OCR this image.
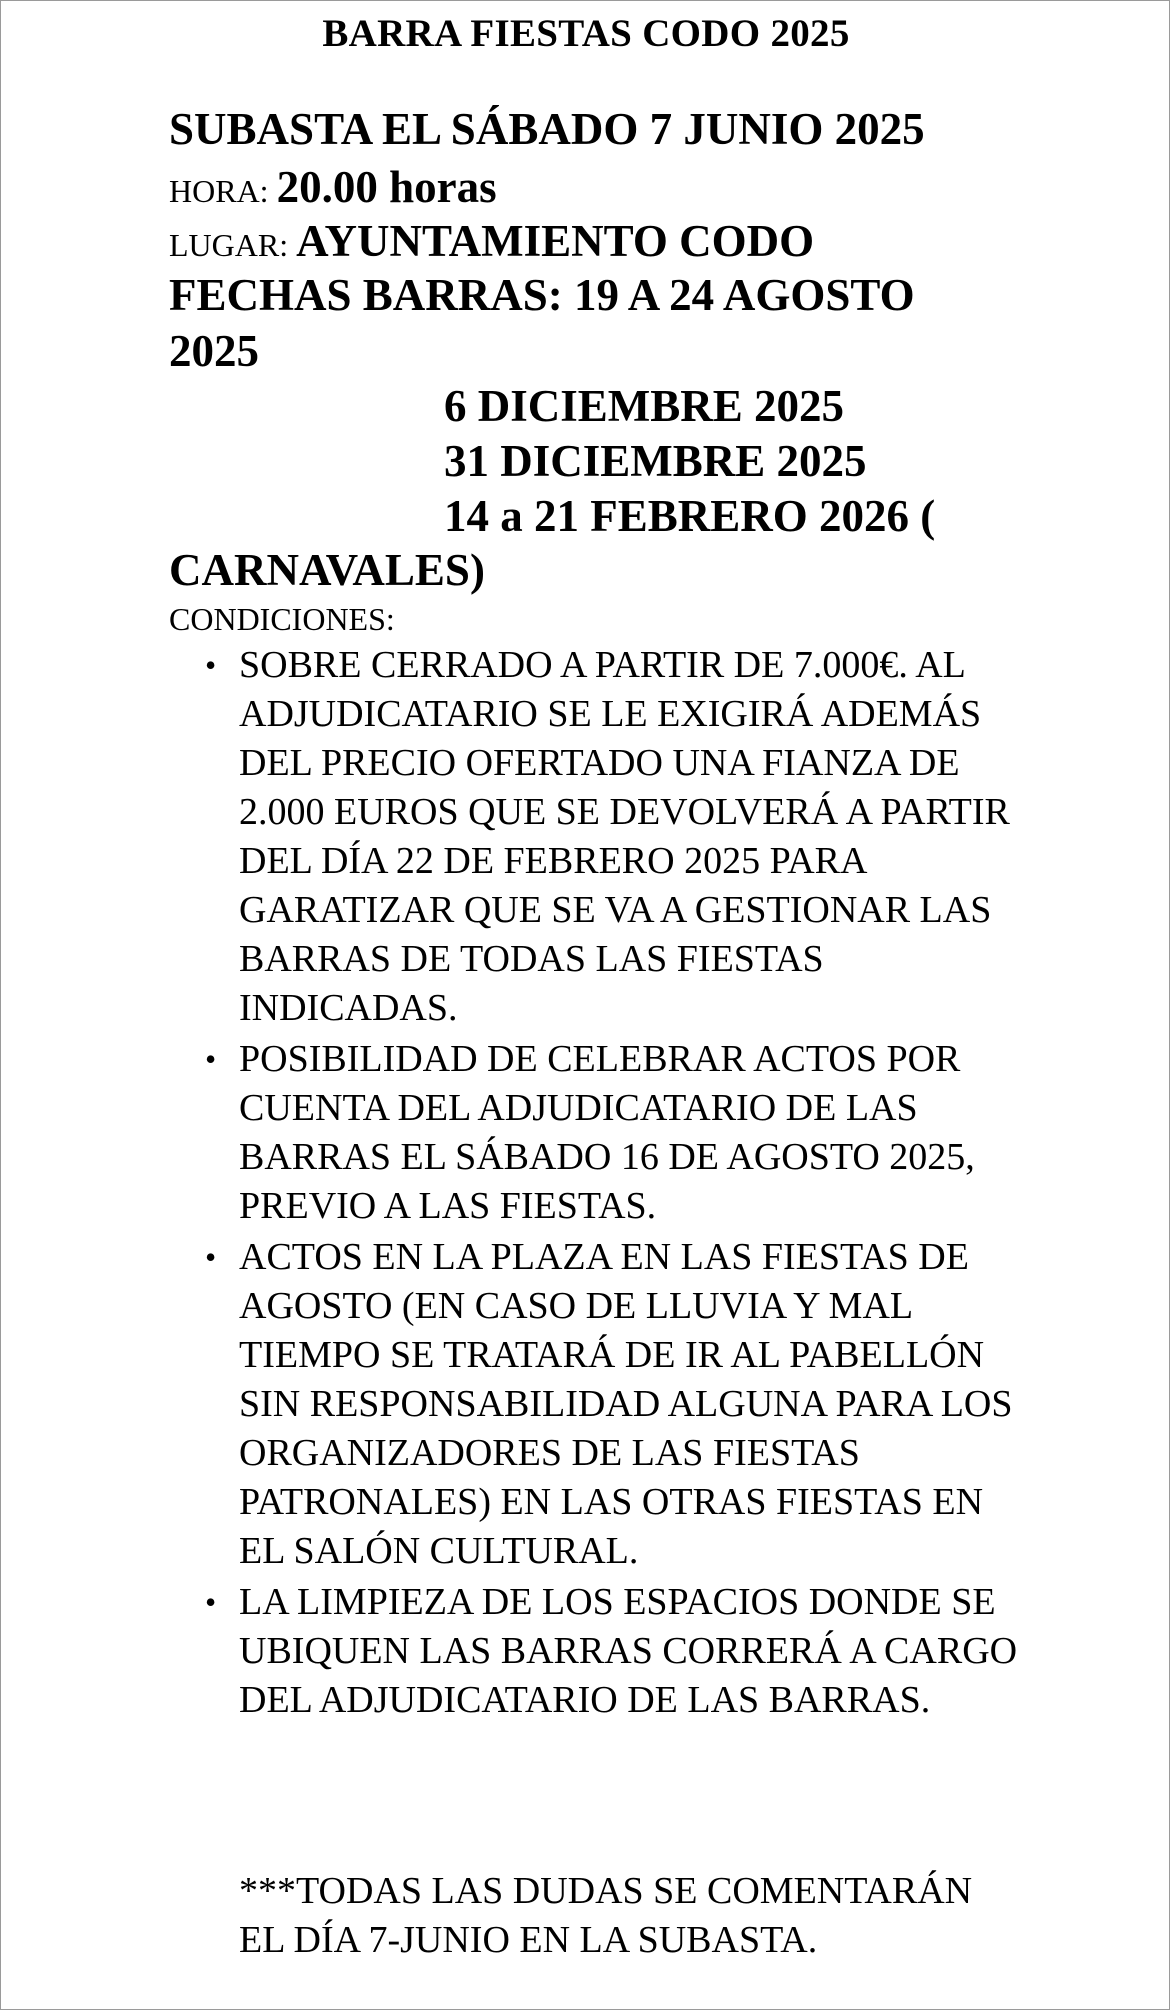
BARRA FIESTAS CODO 2025
SUBASTA EL SÁBADO 7 JUNIO 2025
HORA: 20.00 horas
LUGAR: AYUNTAMIENTO CODO
FECHAS BARRAS: 19 A 24 AGOSTO 2025
6 DICIEMBRE 2025
31 DICIEMBRE 2025
14 a 21 FEBRERO 2026 (
CARNAVALES)
CONDICIONES:
• SOBRE CERRADO A PARTIR DE 7.000€. AL ADJUDICATARIO SE LE EXIGIRÁ ADEMÁS DEL PRECIO OFERTADO UNA FIANZA DE 2.000 EUROS QUE SE DEVOLVERÁ A PARTIR DEL DÍA 22 DE FEBRERO 2025 PARA GARATIZAR QUE SE VA A GESTIONAR LAS BARRAS DE TODAS LAS FIESTAS INDICADAS.
• POSIBILIDAD DE CELEBRAR ACTOS POR CUENTA DEL ADJUDICATARIO DE LAS BARRAS EL SÁBADO 16 DE AGOSTO 2025, PREVIO A LAS FIESTAS.
• ACTOS EN LA PLAZA EN LAS FIESTAS DE AGOSTO (EN CASO DE LLUVIA Y MAL TIEMPO SE TRATARÁ DE IR AL PABELLÓN SIN RESPONSABILIDAD ALGUNA PARA LOS ORGANIZADORES DE LAS FIESTAS PATRONALES) EN LAS OTRAS FIESTAS EN EL SALÓN CULTURAL.
• LA LIMPIEZA DE LOS ESPACIOS DONDE SE UBIQUEN LAS BARRAS CORRERÁ A CARGO DEL ADJUDICATARIO DE LAS BARRAS.
***TODAS LAS DUDAS SE COMENTARÁN EL DÍA 7-JUNIO EN LA SUBASTA.
